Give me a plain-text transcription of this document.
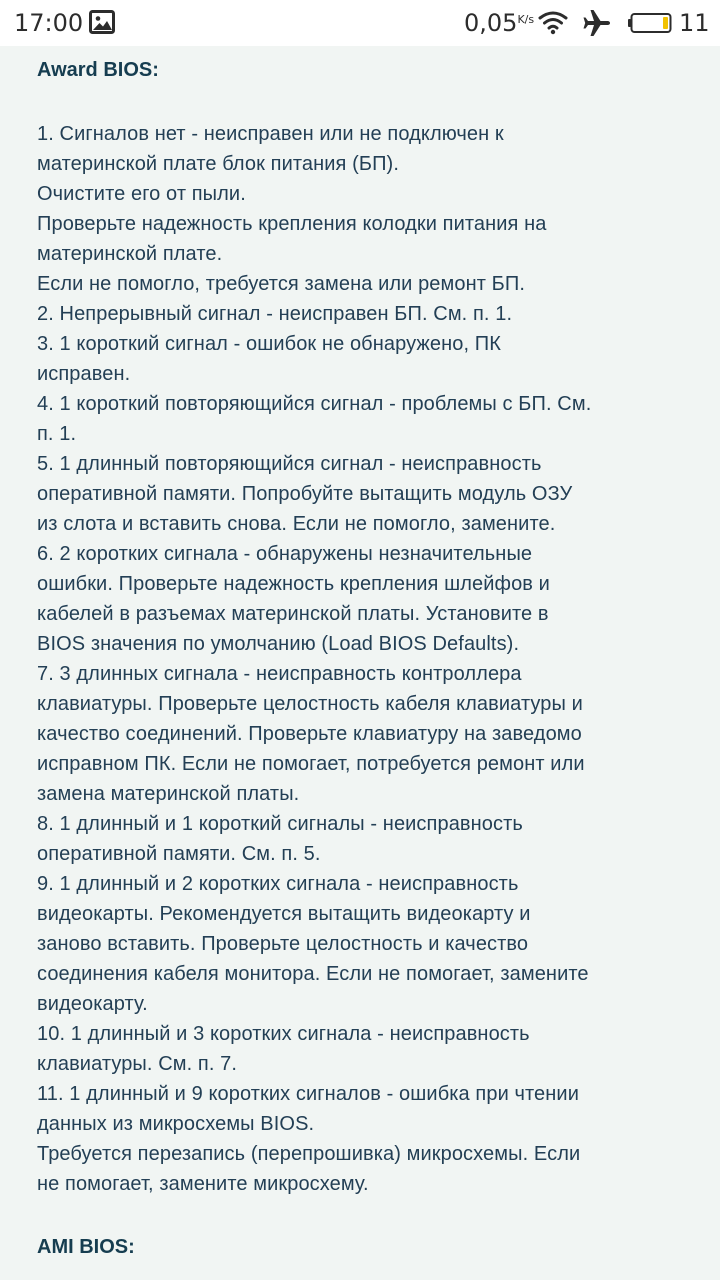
17:00	$0,05^{K/s}$	11
Award BIOS:
1. Сигналов нет - неисправен или не подключен к
материнской плате блок питания (БП).
Очистите его от пыли.
Проверьте надежность крепления колодки питания на
материнской плате.
Если не помогло, требуется замена или ремонт БП.
2. Непрерывный сигнал - неисправен БП. См. п. 1.
3. 1 короткий сигнал - ошибок не обнаружено, ПК
исправен.
4. 1 короткий повторяющийся сигнал - проблемы с БП. См.
п. 1.
5. 1 длинный повторяющийся сигнал - неисправность
оперативной памяти. Попробуйте вытащить модуль ОЗУ
из слота и вставить снова. Если не помогло, замените.
6. 2 коротких сигнала - обнаружены незначительные
ошибки. Проверьте надежность крепления шлейфов и
кабелей в разъемах материнской платы. Установите в
BIOS значения по умолчанию (Load BIOS Defaults).
7. 3 длинных сигнала - неисправность контроллера
клавиатуры. Проверьте целостность кабеля клавиатуры и
качество соединений. Проверьте клавиатуру на заведомо
исправном ПК. Если не помогает, потребуется ремонт или
замена материнской платы.
8. 1 длинный и 1 короткий сигналы - неисправность
оперативной памяти. См. п. 5.
9. 1 длинный и 2 коротких сигнала - неисправность
видеокарты. Рекомендуется вытащить видеокарту и
заново вставить. Проверьте целостность и качество
соединения кабеля монитора. Если не помогает, замените
видеокарту.
10. 1 длинный и 3 коротких сигнала - неисправность
клавиатуры. См. п. 7.
11. 1 длинный и 9 коротких сигналов - ошибка при чтении
данных из микросхемы BIOS.
Требуется перезапись (перепрошивка) микросхемы. Если
не помогает, замените микросхему.
AMI BIOS:
